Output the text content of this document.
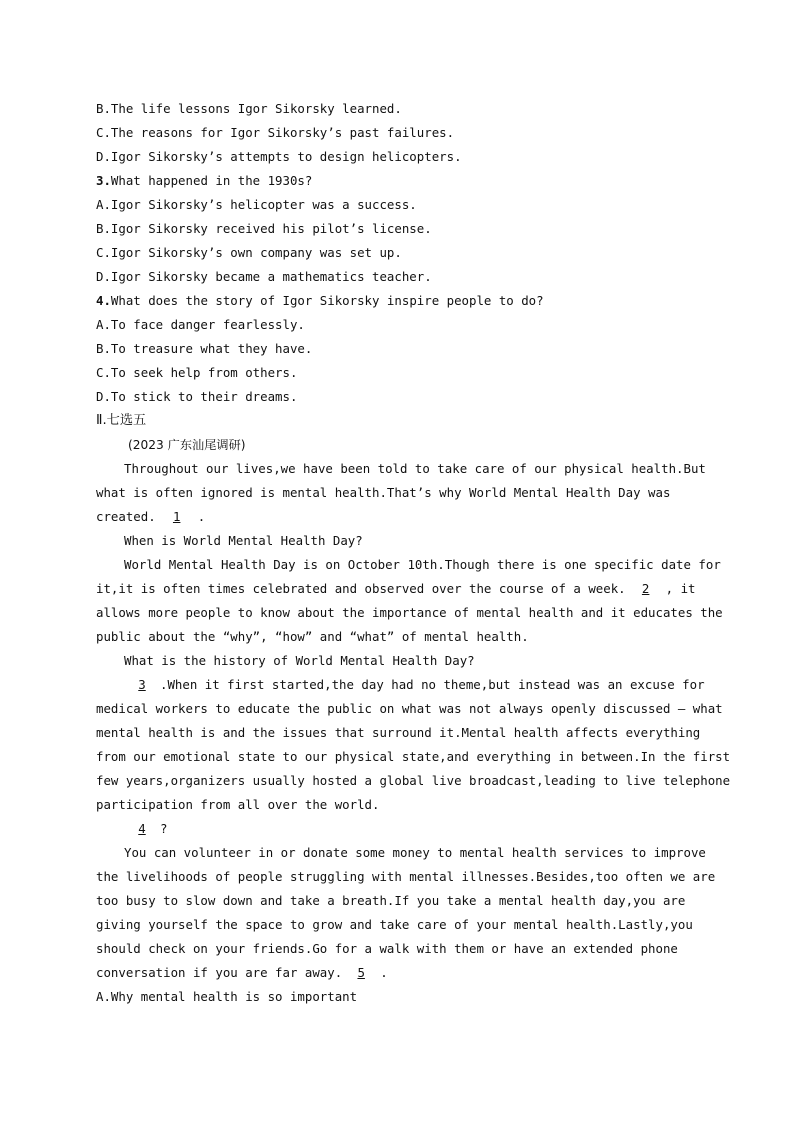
B.The life lessons Igor Sikorsky learned.
C.The reasons for Igor Sikorsky’s past failures.
D.Igor Sikorsky’s attempts to design helicopters.
3.What happened in the 1930s?
A.Igor Sikorsky’s helicopter was a success.
B.Igor Sikorsky received his pilot’s license.
C.Igor Sikorsky’s own company was set up.
D.Igor Sikorsky became a mathematics teacher.
4.What does the story of Igor Sikorsky inspire people to do?
A.To face danger fearlessly.
B.To treasure what they have.
C.To seek help from others.
D.To stick to their dreams.
Ⅱ.七选五
(2023 广东汕尾调研)
Throughout our lives,we have been told to take care of our physical health.But
what is often ignored is mental health.That’s why World Mental Health Day was
created. 1 .
When is World Mental Health Day?
World Mental Health Day is on October 10th.Though there is one specific date for
it,it is often times celebrated and observed over the course of a week. 2 , it
allows more people to know about the importance of mental health and it educates the
public about the “why”, “how” and “what” of mental health.
What is the history of World Mental Health Day?
3 .When it first started,the day had no theme,but instead was an excuse for
medical workers to educate the public on what was not always openly discussed — what
mental health is and the issues that surround it.Mental health affects everything
from our emotional state to our physical state,and everything in between.In the first
few years,organizers usually hosted a global live broadcast,leading to live telephone
participation from all over the world.
4 ?
You can volunteer in or donate some money to mental health services to improve
the livelihoods of people struggling with mental illnesses.Besides,too often we are
too busy to slow down and take a breath.If you take a mental health day,you are
giving yourself the space to grow and take care of your mental health.Lastly,you
should check on your friends.Go for a walk with them or have an extended phone
conversation if you are far away. 5 .
A.Why mental health is so important
